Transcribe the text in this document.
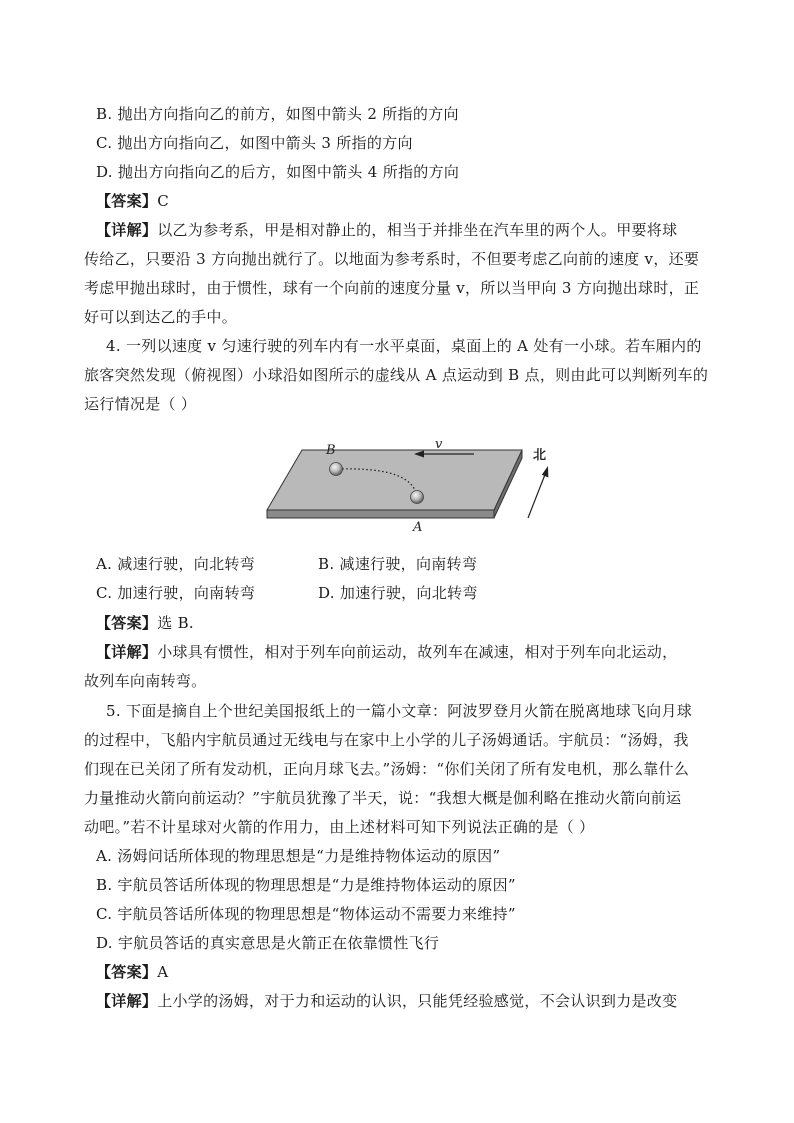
B. 抛出方向指向乙的前方，如图中箭头 2 所指的方向
C. 抛出方向指向乙，如图中箭头 3 所指的方向
D. 抛出方向指向乙的后方，如图中箭头 4 所指的方向
【答案】C
【详解】以乙为参考系，甲是相对静止的，相当于并排坐在汽车里的两个人。甲要将球
传给乙，只要沿 3 方向抛出就行了。以地面为参考系时，不但要考虑乙向前的速度 v，还要
考虑甲抛出球时，由于惯性，球有一个向前的速度分量 v，所以当甲向 3 方向抛出球时，正
好可以到达乙的手中。
4. 一列以速度 v 匀速行驶的列车内有一水平桌面，桌面上的 A 处有一小球。若车厢内的
旅客突然发现（俯视图）小球沿如图所示的虚线从 A 点运动到 B 点，则由此可以判断列车的
运行情况是（ ）
B
A
v
北
A. 减速行驶，向北转弯	B. 减速行驶，向南转弯
C. 加速行驶，向南转弯	D. 加速行驶，向北转弯
【答案】选 B.
【详解】小球具有惯性，相对于列车向前运动，故列车在减速，相对于列车向北运动，
故列车向南转弯。
5. 下面是摘自上个世纪美国报纸上的一篇小文章：阿波罗登月火箭在脱离地球飞向月球
的过程中，飞船内宇航员通过无线电与在家中上小学的儿子汤姆通话。宇航员：“汤姆，我
们现在已关闭了所有发动机，正向月球飞去。”汤姆：“你们关闭了所有发电机，那么靠什么
力量推动火箭向前运动？”宇航员犹豫了半天，说：“我想大概是伽利略在推动火箭向前运
动吧。”若不计星球对火箭的作用力，由上述材料可知下列说法正确的是（ ）
A. 汤姆问话所体现的物理思想是“力是维持物体运动的原因”
B. 宇航员答话所体现的物理思想是“力是维持物体运动的原因”
C. 宇航员答话所体现的物理思想是“物体运动不需要力来维持”
D. 宇航员答话的真实意思是火箭正在依靠惯性飞行
【答案】A
【详解】上小学的汤姆，对于力和运动的认识，只能凭经验感觉，不会认识到力是改变
